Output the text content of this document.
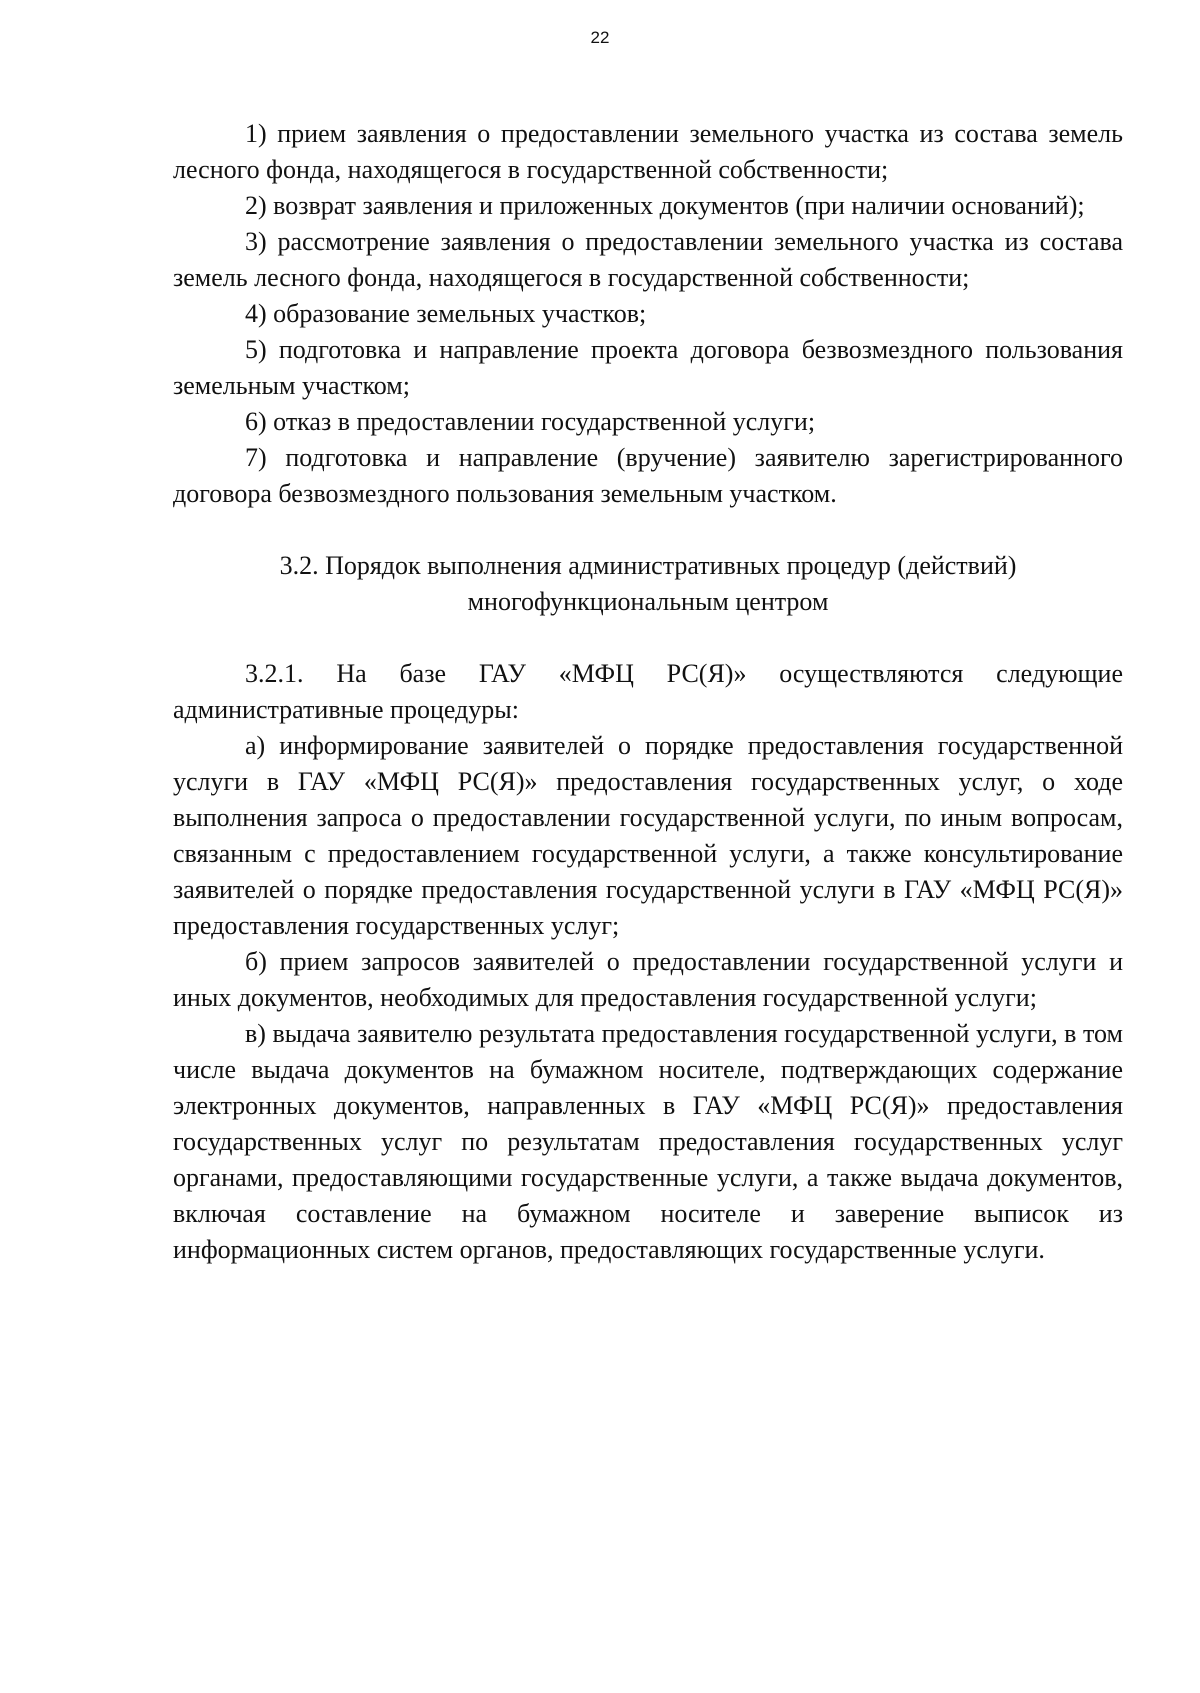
22

1) прием заявления о предоставлении земельного участка из состава земель лесного фонда, находящегося в государственной собственности;

2) возврат заявления и приложенных документов (при наличии оснований);

3) рассмотрение заявления о предоставлении земельного участка из состава земель лесного фонда, находящегося в государственной собственности;

4) образование земельных участков;

5) подготовка и направление проекта договора безвозмездного пользования земельным участком;

6) отказ в предоставлении государственной услуги;

7) подготовка и направление (вручение) заявителю зарегистрированного договора безвозмездного пользования земельным участком.

3.2. Порядок выполнения административных процедур (действий)
многофункциональным центром

3.2.1. На базе ГАУ «МФЦ РС(Я)» осуществляются следующие административные процедуры:

а) информирование заявителей о порядке предоставления государственной услуги в ГАУ «МФЦ РС(Я)» предоставления государственных услуг, о ходе выполнения запроса о предоставлении государственной услуги, по иным вопросам, связанным с предоставлением государственной услуги, а также консультирование заявителей о порядке предоставления государственной услуги в ГАУ «МФЦ РС(Я)» предоставления государственных услуг;

б) прием запросов заявителей о предоставлении государственной услуги и иных документов, необходимых для предоставления государственной услуги;

в) выдача заявителю результата предоставления государственной услуги, в том числе выдача документов на бумажном носителе, подтверждающих содержание электронных документов, направленных в ГАУ «МФЦ РС(Я)» предоставления государственных услуг по результатам предоставления государственных услуг органами, предоставляющими государственные услуги, а также выдача документов, включая составление на бумажном носителе и заверение выписок из информационных систем органов, предоставляющих государственные услуги.
